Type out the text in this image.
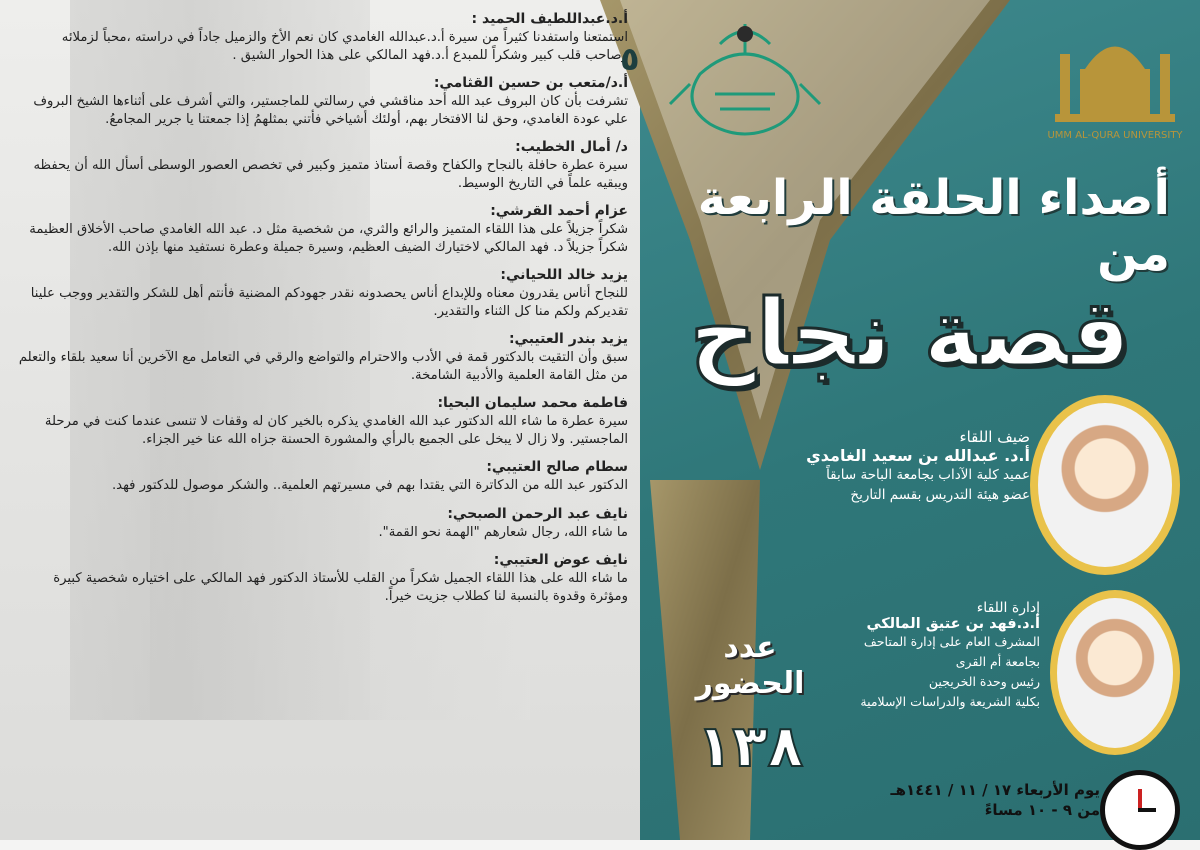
أ.د.عبداللطيف الحميد :
استمتعنا واستفدنا كثيراً من سيرة أ.د.عبدالله الغامدي كان نعم الأخ والزميل جاداً في دراسته ،محباً لزملائه وصاحب قلب كبير وشكراً للمبدع أ.د.فهد المالكي على هذا الحوار الشيق .
أ.د/متعب بن حسين القثامي:
تشرفت بأن كان البروف عبد الله أحد مناقشي في رسالتي للماجستير، والتي أشرف على أثناءها الشيخ البروف علي عودة الغامدي، وحق لنا الافتخار بهم، أولئك أشياخي فأتني بمثلهمُ إذا جمعتنا يا جرير المجامعُ.
د/ أمال الخطيب:
سيرة عطرة حافلة بالنجاح والكفاح وقصة أستاذ متميز وكبير في تخصص العصور الوسطى أسأل الله أن يحفظه ويبقيه علماً في التاريخ الوسيط.
عزام أحمد القرشي:
شكراً جزيلاً على هذا اللقاء المتميز والرائع والثري، من شخصية مثل د. عبد الله الغامدي صاحب الأخلاق العظيمة شكراً جزيلاً د. فهد المالكي لاختيارك الضيف العظيم، وسيرة جميلة وعطرة نستفيد منها بإذن الله.
يزيد خالد اللحياني:
للنجاح أناس يقدرون معناه وللإبداع أناس يحصدونه نقدر جهودكم المضنية فأنتم أهل للشكر والتقدير ووجب علينا تقديركم ولكم منا كل الثناء والتقدير.
يزيد بندر العتيبي:
سبق وأن التقيت بالدكتور قمة في الأدب والاحترام والتواضع والرقي في التعامل مع الآخرين أنا سعيد بلقاء والتعلم من مثل القامة العلمية والأدبية الشامخة.
فاطمة محمد سليمان البحيا:
سيرة عطرة ما شاء الله الدكتور عبد الله الغامدي يذكره بالخير كان له وقفات لا تنسى عندما كنت في مرحلة الماجستير. ولا زال لا يبخل على الجميع بالرأي والمشورة الحسنة جزاه الله عنا خير الجزاء.
سطام صالح العتيبي:
الدكتور عبد الله من الدكاترة التي يقتدا بهم في مسيرتهم العلمية.. والشكر موصول للدكتور فهد.
نايف عبد الرحمن الصبحي:
ما شاء الله، رجال شعارهم "الهمة نحو القمة".
نايف عوض العتيبي:
ما شاء الله على هذا اللقاء الجميل شكراً من القلب للأستاذ الدكتور فهد المالكي على اختياره شخصية كبيرة ومؤثرة وقدوة بالنسبة لنا كطلاب جزيت خيراً.
٥
UMM AL-QURA UNIVERSITY
أصداء الحلقة الرابعة من
قصة نجاح
ضيف اللقاء
أ.د. عبدالله بن سعيد الغامدي
عميد كلية الآداب بجامعة الباحة سابقاً
عضو هيئة التدريس بقسم التاريخ
إدارة اللقاء
أ.د.فهد بن عتيق المالكي
المشرف العام على إدارة المتاحف
بجامعة أم القرى
رئيس وحدة الخريجين
بكلية الشريعة والدراسات الإسلامية
عدد
الحضور
١٣٨
يوم الأربعاء ١٧ / ١١ / ١٤٤١هـ
من ٩ - ١٠ مساءً
